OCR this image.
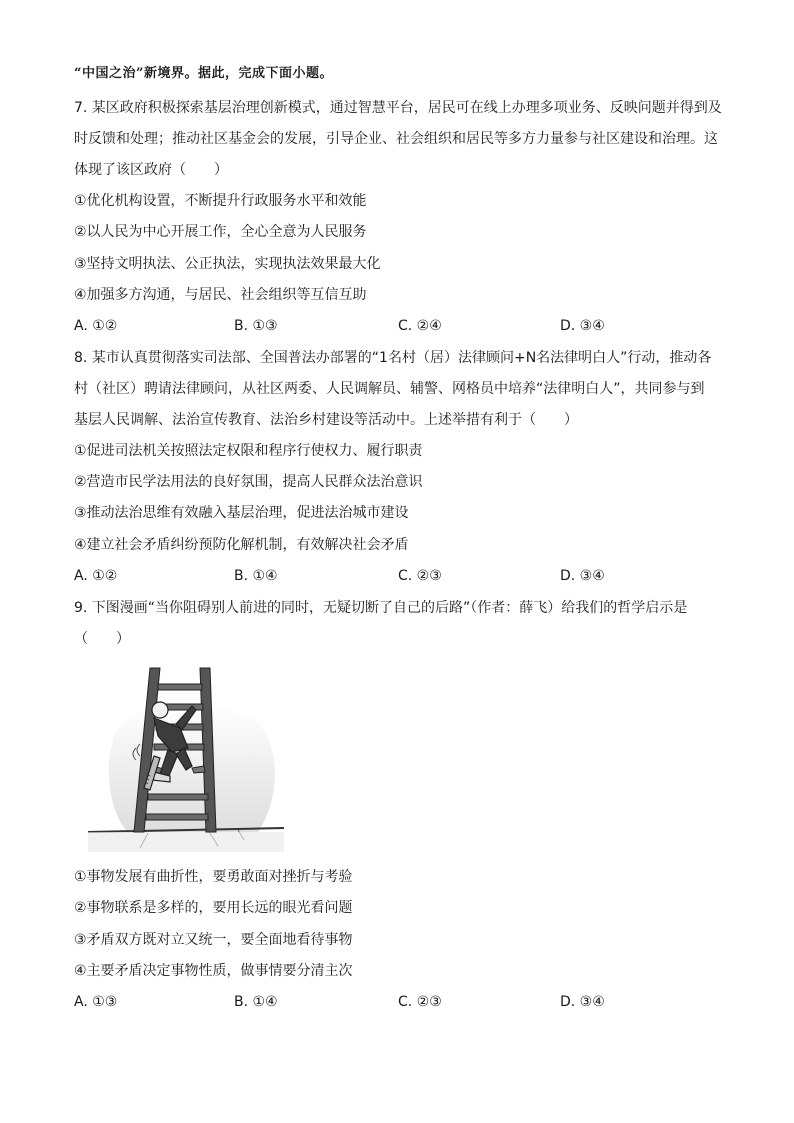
“中国之治”新境界。据此，完成下面小题。
7. 某区政府积极探索基层治理创新模式，通过智慧平台，居民可在线上办理多项业务、反映问题并得到及
时反馈和处理；推动社区基金会的发展，引导企业、社会组织和居民等多方力量参与社区建设和治理。这
体现了该区政府（　　）
①优化机构设置，不断提升行政服务水平和效能
②以人民为中心开展工作，全心全意为人民服务
③坚持文明执法、公正执法，实现执法效果最大化
④加强多方沟通，与居民、社会组织等互信互助
A. ①②	B. ①③	C. ②④	D. ③④
8. 某市认真贯彻落实司法部、全国普法办部署的“1名村（居）法律顾问+N名法律明白人”行动，推动各
村（社区）聘请法律顾问，从社区两委、人民调解员、辅警、网格员中培养“法律明白人”，共同参与到
基层人民调解、法治宣传教育、法治乡村建设等活动中。上述举措有利于（　　）
①促进司法机关按照法定权限和程序行使权力、履行职责
②营造市民学法用法的良好氛围，提高人民群众法治意识
③推动法治思维有效融入基层治理，促进法治城市建设
④建立社会矛盾纠纷预防化解机制，有效解决社会矛盾
A. ①②	B. ①④	C. ②③	D. ③④
9. 下图漫画“当你阻碍别人前进的同时，无疑切断了自己的后路”（作者：薛飞）给我们的哲学启示是
（　　）
①事物发展有曲折性，要勇敢面对挫折与考验
②事物联系是多样的，要用长远的眼光看问题
③矛盾双方既对立又统一，要全面地看待事物
④主要矛盾决定事物性质，做事情要分清主次
A. ①③	B. ①④	C. ②③	D. ③④
